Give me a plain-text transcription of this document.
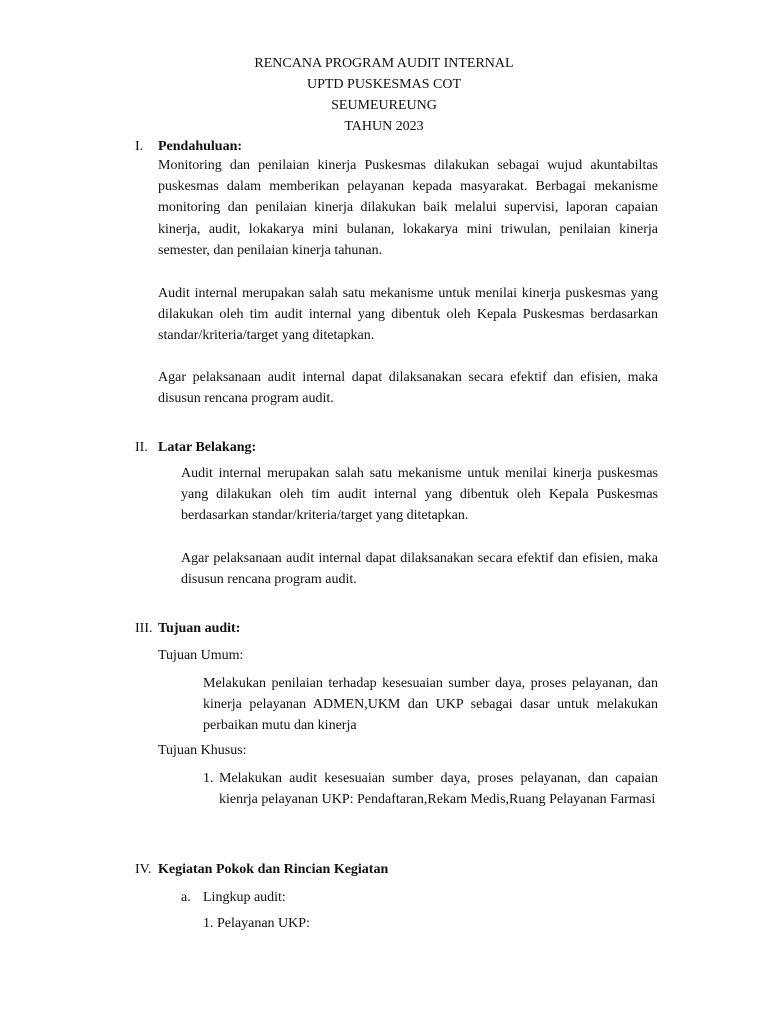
RENCANA PROGRAM AUDIT INTERNAL
UPTD PUSKESMAS COT
SEUMEUREUNG
TAHUN 2023
I. Pendahuluan:

Monitoring dan penilaian kinerja Puskesmas dilakukan sebagai wujud akuntabiltas puskesmas dalam memberikan pelayanan kepada masyarakat. Berbagai mekanisme monitoring dan penilaian kinerja dilakukan baik melalui supervisi, laporan capaian kinerja, audit, lokakarya mini bulanan, lokakarya mini triwulan, penilaian kinerja semester, dan penilaian kinerja tahunan.

Audit internal merupakan salah satu mekanisme untuk menilai kinerja puskesmas yang dilakukan oleh tim audit internal yang dibentuk oleh Kepala Puskesmas berdasarkan standar/kriteria/target yang ditetapkan.

Agar pelaksanaan audit internal dapat dilaksanakan secara efektif dan efisien, maka disusun rencana program audit.

II. Latar Belakang:

Audit internal merupakan salah satu mekanisme untuk menilai kinerja puskesmas yang dilakukan oleh tim audit internal yang dibentuk oleh Kepala Puskesmas berdasarkan standar/kriteria/target yang ditetapkan.

Agar pelaksanaan audit internal dapat dilaksanakan secara efektif dan efisien, maka disusun rencana program audit.

III. Tujuan audit:
Tujuan Umum:

Melakukan penilaian terhadap kesesuaian sumber daya, proses pelayanan, dan kinerja pelayanan ADMEN,UKM dan UKP sebagai dasar untuk melakukan perbaikan mutu dan kinerja

Tujuan Khusus:
1. Melakukan audit kesesuaian sumber daya, proses pelayanan, dan capaian kienrja pelayanan UKP: Pendaftaran,Rekam Medis,Ruang Pelayanan Farmasi
IV. Kegiatan Pokok dan Rincian Kegiatan
a. Lingkup audit:
1. Pelayanan UKP:
